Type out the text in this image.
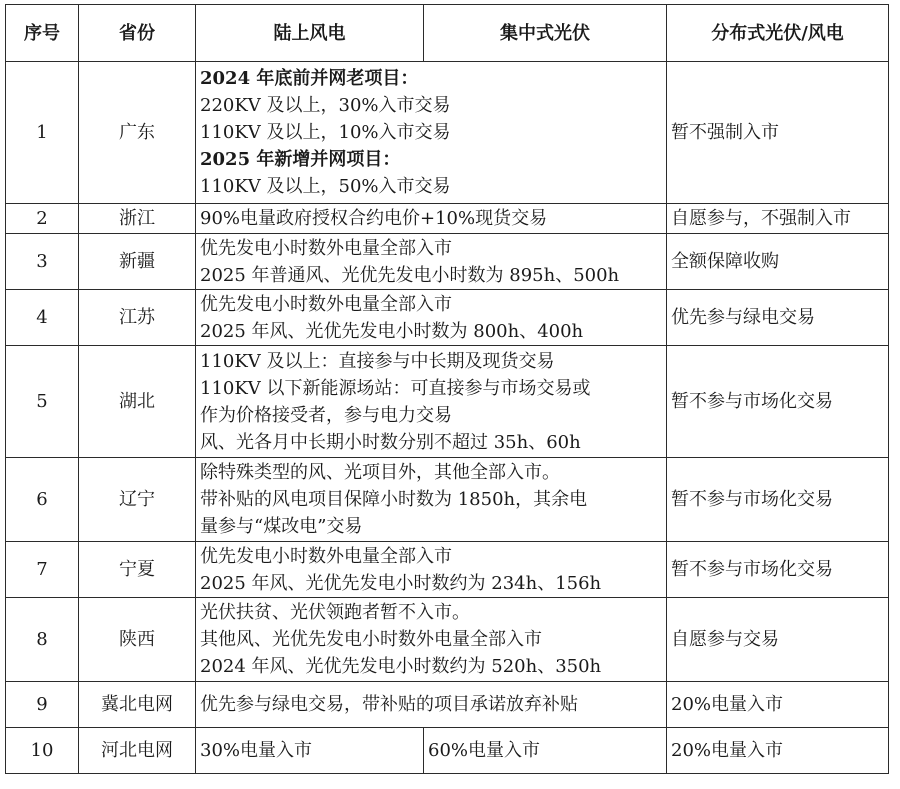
序号	省份	陆上风电	集中式光伏	分布式光伏/风电
1	广东	2024 年底前并网老项目：
220KV 及以上，30%入市交易
110KV 及以上，10%入市交易
2025 年新增并网项目：
110KV 及以上，50%入市交易		暂不强制入市
2	浙江	90%电量政府授权合约电价+10%现货交易		自愿参与，不强制入市
3	新疆	优先发电小时数外电量全部入市
2025 年普通风、光优先发电小时数为 895h、500h		全额保障收购
4	江苏	优先发电小时数外电量全部入市
2025 年风、光优先发电小时数为 800h、400h		优先参与绿电交易
5	湖北	110KV 及以上：直接参与中长期及现货交易
110KV 以下新能源场站：可直接参与市场交易或
作为价格接受者，参与电力交易
风、光各月中长期小时数分别不超过 35h、60h		暂不参与市场化交易
6	辽宁	除特殊类型的风、光项目外，其他全部入市。
带补贴的风电项目保障小时数为 1850h，其余电
量参与“煤改电”交易		暂不参与市场化交易
7	宁夏	优先发电小时数外电量全部入市
2025 年风、光优先发电小时数约为 234h、156h		暂不参与市场化交易
8	陕西	光伏扶贫、光伏领跑者暂不入市。
其他风、光优先发电小时数外电量全部入市
2024 年风、光优先发电小时数约为 520h、350h		自愿参与交易
9	冀北电网	优先参与绿电交易，带补贴的项目承诺放弃补贴		20%电量入市
10	河北电网	30%电量入市	60%电量入市	20%电量入市
